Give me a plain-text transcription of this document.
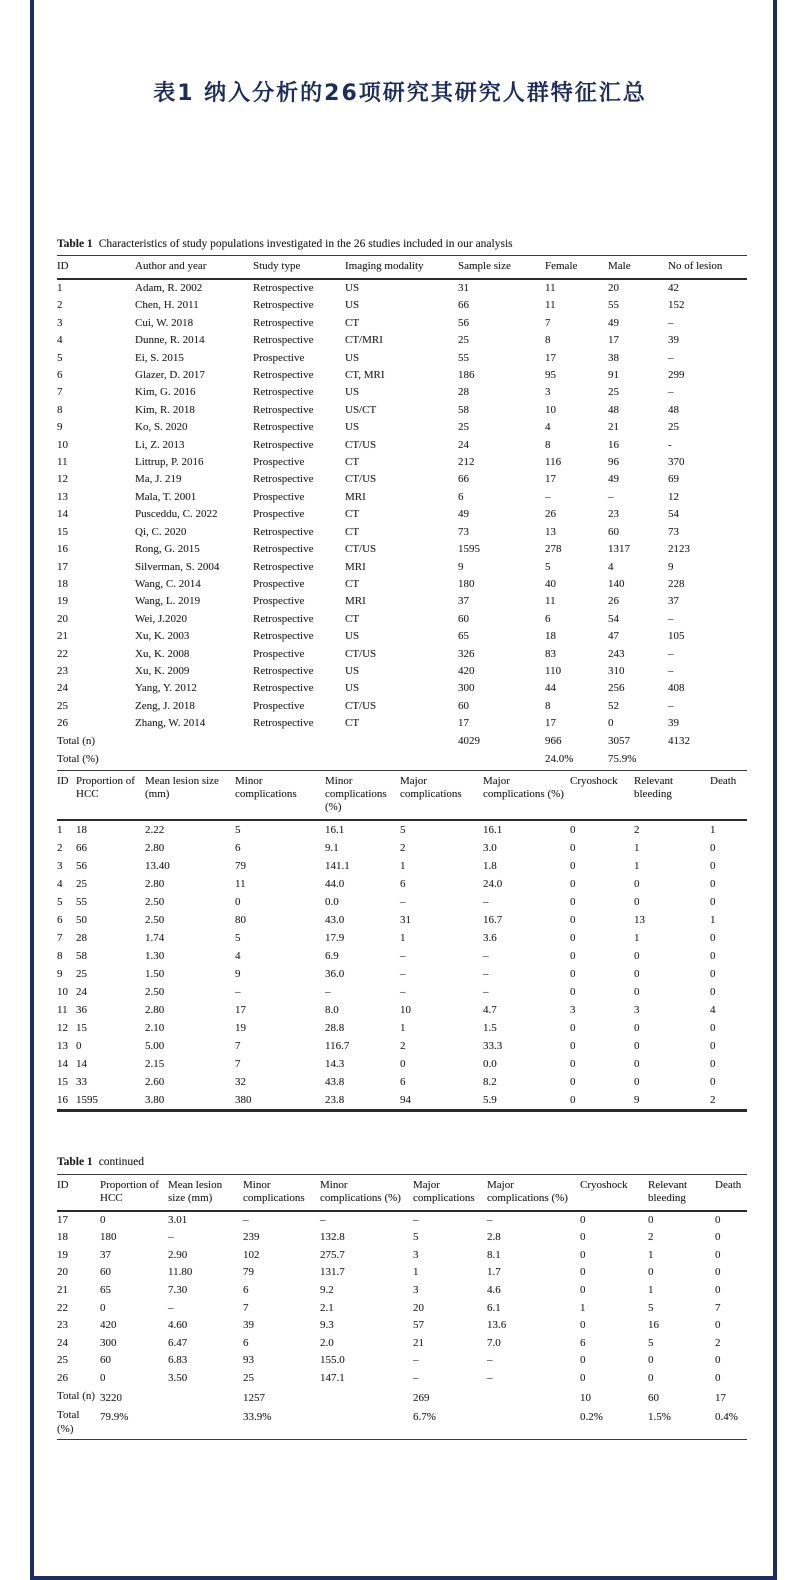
表1 纳入分析的26项研究其研究人群特征汇总

Table 1 Characteristics of study populations investigated in the 26 studies included in our analysis

ID	Author and year	Study type	Imaging modality	Sample size	Female	Male	No of lesion
1	Adam, R. 2002	Retrospective	US	31	11	20	42
2	Chen, H. 2011	Retrospective	US	66	11	55	152
3	Cui, W. 2018	Retrospective	CT	56	7	49	–
4	Dunne, R. 2014	Retrospective	CT/MRI	25	8	17	39
5	Ei, S. 2015	Prospective	US	55	17	38	–
6	Glazer, D. 2017	Retrospective	CT, MRI	186	95	91	299
7	Kim, G. 2016	Retrospective	US	28	3	25	–
8	Kim, R. 2018	Retrospective	US/CT	58	10	48	48
9	Ko, S. 2020	Retrospective	US	25	4	21	25
10	Li, Z. 2013	Retrospective	CT/US	24	8	16	-
11	Littrup, P. 2016	Prospective	CT	212	116	96	370
12	Ma, J. 219	Retrospective	CT/US	66	17	49	69
13	Mala, T. 2001	Prospective	MRI	6	–	–	12
14	Pusceddu, C. 2022	Prospective	CT	49	26	23	54
15	Qi, C. 2020	Retrospective	CT	73	13	60	73
16	Rong, G. 2015	Retrospective	CT/US	1595	278	1317	2123
17	Silverman, S. 2004	Retrospective	MRI	9	5	4	9
18	Wang, C. 2014	Prospective	CT	180	40	140	228
19	Wang, L. 2019	Prospective	MRI	37	11	26	37
20	Wei, J.2020	Retrospective	CT	60	6	54	–
21	Xu, K. 2003	Retrospective	US	65	18	47	105
22	Xu, K. 2008	Prospective	CT/US	326	83	243	–
23	Xu, K. 2009	Retrospective	US	420	110	310	–
24	Yang, Y. 2012	Retrospective	US	300	44	256	408
25	Zeng, J. 2018	Prospective	CT/US	60	8	52	–
26	Zhang, W. 2014	Retrospective	CT	17	17	0	39
Total (n)				4029	966	3057	4132
Total (%)					24.0%	75.9%	
ID	Proportion of HCC	Mean lesion size (mm)	Minor complications	Minor complications (%)	Major complications	Major complications (%)	Cryoshock	Relevant bleeding	Death
1	18	2.22	5	16.1	5	16.1	0	2	1
2	66	2.80	6	9.1	2	3.0	0	1	0
3	56	13.40	79	141.1	1	1.8	0	1	0
4	25	2.80	11	44.0	6	24.0	0	0	0
5	55	2.50	0	0.0	–	–	0	0	0
6	50	2.50	80	43.0	31	16.7	0	13	1
7	28	1.74	5	17.9	1	3.6	0	1	0
8	58	1.30	4	6.9	–	–	0	0	0
9	25	1.50	9	36.0	–	–	0	0	0
10	24	2.50	–	–	–	–	0	0	0
11	36	2.80	17	8.0	10	4.7	3	3	4
12	15	2.10	19	28.8	1	1.5	0	0	0
13	0	5.00	7	116.7	2	33.3	0	0	0
14	14	2.15	7	14.3	0	0.0	0	0	0
15	33	2.60	32	43.8	6	8.2	0	0	0
16	1595	3.80	380	23.8	94	5.9	0	9	2

Table 1 continued

ID	Proportion of HCC	Mean lesion size (mm)	Minor complications	Minor complications (%)	Major complications	Major complications (%)	Cryoshock	Relevant bleeding	Death
17	0	3.01	–	–	–	–	0	0	0
18	180	–	239	132.8	5	2.8	0	2	0
19	37	2.90	102	275.7	3	8.1	0	1	0
20	60	11.80	79	131.7	1	1.7	0	0	0
21	65	7.30	6	9.2	3	4.6	0	1	0
22	0	–	7	2.1	20	6.1	1	5	7
23	420	4.60	39	9.3	57	13.6	0	16	0
24	300	6.47	6	2.0	21	7.0	6	5	2
25	60	6.83	93	155.0	–	–	0	0	0
26	0	3.50	25	147.1	–	–	0	0	0
Total (n)	3220		1257		269		10	60	17
Total (%)	79.9%		33.9%		6.7%		0.2%	1.5%	0.4%
